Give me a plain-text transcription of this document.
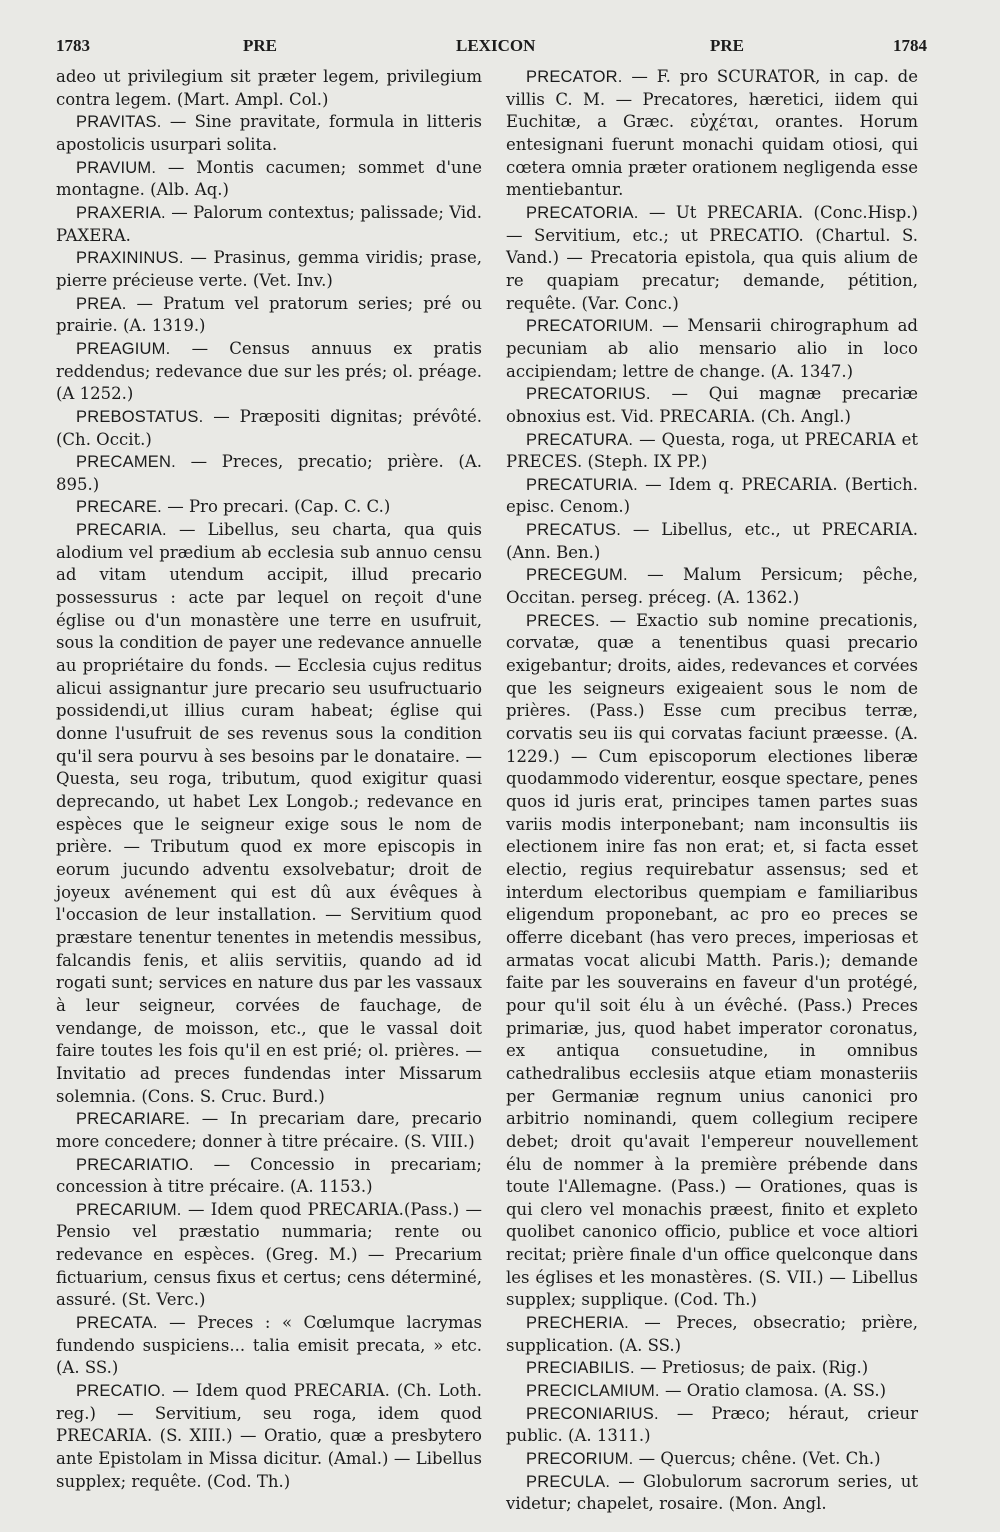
1783	PRE	LEXICON	PRE	1784

adeo ut privilegium sit præter legem, privilegium contra legem. (Mart. Ampl. Col.)

PRAVITAS. — Sine pravitate, formula in litteris apostolicis usurpari solita.

PRAVIUM. — Montis cacumen; sommet d'une montagne. (Alb. Aq.)

PRAXERIA. — Palorum contextus; palissade; Vid. PAXERA.

PRAXININUS. — Prasinus, gemma viridis; prase, pierre précieuse verte. (Vet. Inv.)

PREA. — Pratum vel pratorum series; pré ou prairie. (A. 1319.)

PREAGIUM. — Census annuus ex pratis reddendus; redevance due sur les prés; ol. préage. (A 1252.)

PREBOSTATUS. — Præpositi dignitas; prévôté. (Ch. Occit.)

PRECAMEN. — Preces, precatio; prière. (A. 895.)

PRECARE. — Pro precari. (Cap. C. C.)

PRECARIA. — Libellus, seu charta, qua quis alodium vel prædium ab ecclesia sub annuo censu ad vitam utendum accipit, illud precario possessurus : acte par lequel on reçoit d'une église ou d'un monastère une terre en usufruit, sous la condition de payer une redevance annuelle au propriétaire du fonds. — Ecclesia cujus reditus alicui assignantur jure precario seu usufructuario possidendi,ut illius curam habeat; église qui donne l'usufruit de ses revenus sous la condition qu'il sera pourvu à ses besoins par le donataire. — Questa, seu roga, tributum, quod exigitur quasi deprecando, ut habet Lex Longob.; redevance en espèces que le seigneur exige sous le nom de prière. — Tributum quod ex more episcopis in eorum jucundo adventu exsolvebatur; droit de joyeux avénement qui est dû aux évêques à l'occasion de leur installation. — Servitium quod præstare tenentur tenentes in metendis messibus, falcandis fenis, et aliis servitiis, quando ad id rogati sunt; services en nature dus par les vassaux à leur seigneur, corvées de fauchage, de vendange, de moisson, etc., que le vassal doit faire toutes les fois qu'il en est prié; ol. prières. — Invitatio ad preces fundendas inter Missarum solemnia. (Cons. S. Cruc. Burd.)

PRECARIARE. — In precariam dare, precario more concedere; donner à titre précaire. (S. VIII.)

PRECARIATIO. — Concessio in precariam; concession à titre précaire. (A. 1153.)

PRECARIUM. — Idem quod PRECARIA.(Pass.) — Pensio vel præstatio nummaria; rente ou redevance en espèces. (Greg. M.) — Precarium fictuarium, census fixus et certus; cens déterminé, assuré. (St. Verc.)

PRECATA. — Preces : « Cœlumque lacrymas fundendo suspiciens... talia emisit precata, » etc. (A. SS.)

PRECATIO. — Idem quod PRECARIA. (Ch. Loth. reg.) — Servitium, seu roga, idem quod PRECARIA. (S. XIII.) — Oratio, quæ a presbytero ante Epistolam in Missa dicitur. (Amal.) — Libellus supplex; requête. (Cod. Th.)

PRECATOR. — F. pro SCURATOR, in cap. de villis C. M. — Precatores, hæretici, iidem qui Euchitæ, a Græc. εὐχέται, orantes. Horum entesignani fuerunt monachi quidam otiosi, qui cœtera omnia præter orationem negligenda esse mentiebantur.

PRECATORIA. — Ut PRECARIA. (Conc.Hisp.) — Servitium, etc.; ut PRECATIO. (Chartul. S. Vand.) — Precatoria epistola, qua quis alium de re quapiam precatur; demande, pétition, requête. (Var. Conc.)

PRECATORIUM. — Mensarii chirographum ad pecuniam ab alio mensario alio in loco accipiendam; lettre de change. (A. 1347.)

PRECATORIUS. — Qui magnæ precariæ obnoxius est. Vid. PRECARIA. (Ch. Angl.)

PRECATURA. — Questa, roga, ut PRECARIA et PRECES. (Steph. IX PP.)

PRECATURIA. — Idem q. PRECARIA. (Bertich. episc. Cenom.)

PRECATUS. — Libellus, etc., ut PRECARIA. (Ann. Ben.)

PRECEGUM. — Malum Persicum; pêche, Occitan. perseg. préceg. (A. 1362.)

PRECES. — Exactio sub nomine precationis, corvatæ, quæ a tenentibus quasi precario exigebantur; droits, aides, redevances et corvées que les seigneurs exigeaient sous le nom de prières. (Pass.) Esse cum precibus terræ, corvatis seu iis qui corvatas faciunt præesse. (A. 1229.) — Cum episcoporum electiones liberæ quodammodo viderentur, eosque spectare, penes quos id juris erat, principes tamen partes suas variis modis interponebant; nam inconsultis iis electionem inire fas non erat; et, si facta esset electio, regius requirebatur assensus; sed et interdum electoribus quempiam e familiaribus eligendum proponebant, ac pro eo preces se offerre dicebant (has vero preces, imperiosas et armatas vocat alicubi Matth. Paris.); demande faite par les souverains en faveur d'un protégé, pour qu'il soit élu à un évêché. (Pass.) Preces primariæ, jus, quod habet imperator coronatus, ex antiqua consuetudine, in omnibus cathedralibus ecclesiis atque etiam monasteriis per Germaniæ regnum unius canonici pro arbitrio nominandi, quem collegium recipere debet; droit qu'avait l'empereur nouvellement élu de nommer à la première prébende dans toute l'Allemagne. (Pass.) — Orationes, quas is qui clero vel monachis præest, finito et expleto quolibet canonico officio, publice et voce altiori recitat; prière finale d'un office quelconque dans les églises et les monastères. (S. VII.) — Libellus supplex; supplique. (Cod. Th.)

PRECHERIA. — Preces, obsecratio; prière, supplication. (A. SS.)

PRECIABILIS. — Pretiosus; de paix. (Rig.)

PRECICLAMIUM. — Oratio clamosa. (A. SS.)

PRECONIARIUS. — Præco; héraut, crieur public. (A. 1311.)

PRECORIUM. — Quercus; chêne. (Vet. Ch.)

PRECULA. — Globulorum sacrorum series, ut videtur; chapelet, rosaire. (Mon. Angl.
